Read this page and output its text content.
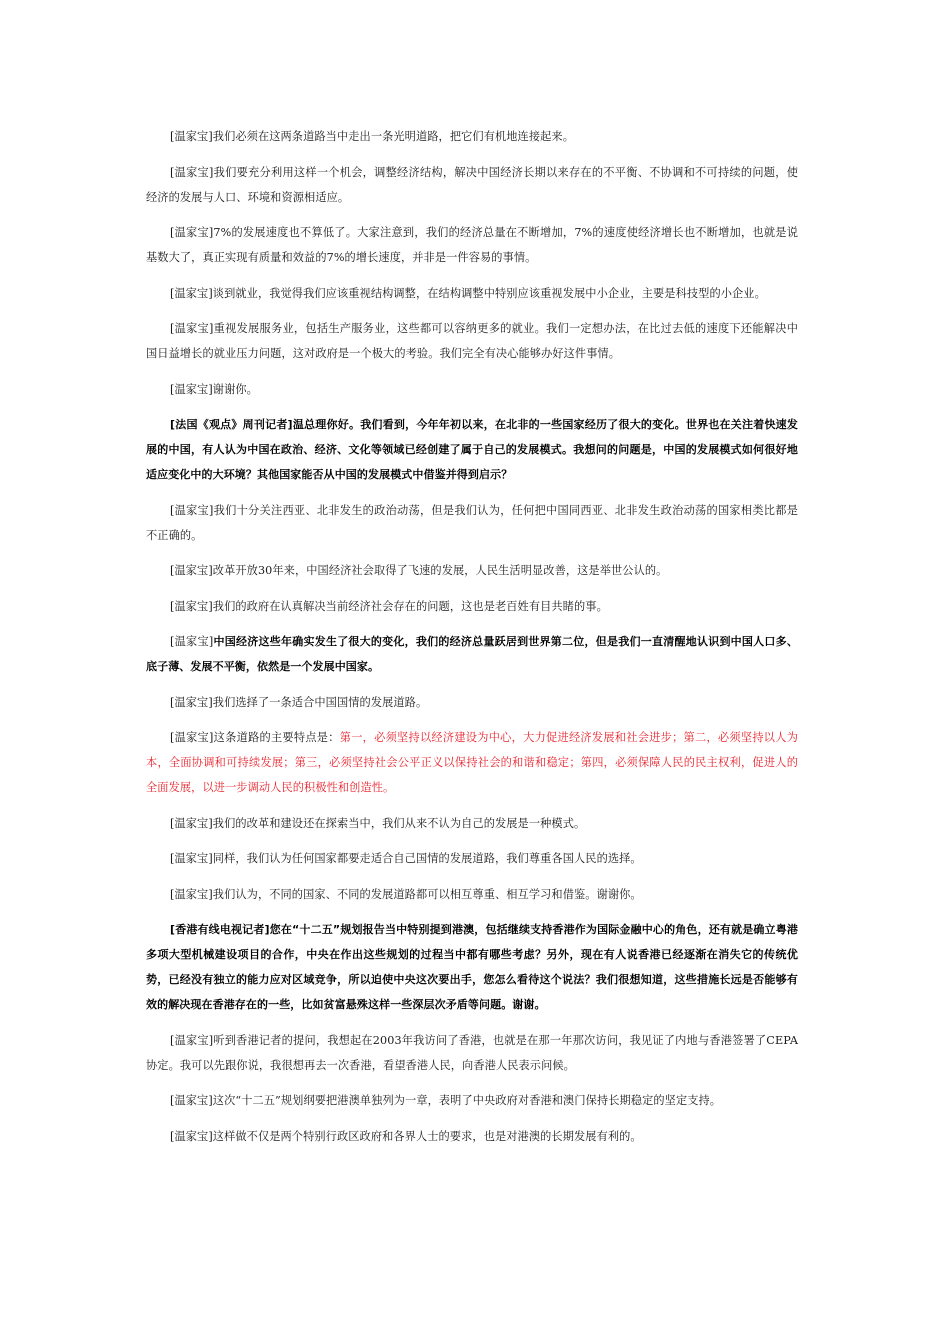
[温家宝]我们必须在这两条道路当中走出一条光明道路，把它们有机地连接起来。

[温家宝]我们要充分利用这样一个机会，调整经济结构，解决中国经济长期以来存在的不平衡、不协调和不可持续的问题，使经济的发展与人口、环境和资源相适应。

[温家宝]7%的发展速度也不算低了。大家注意到，我们的经济总量在不断增加，7%的速度使经济增长也不断增加，也就是说基数大了，真正实现有质量和效益的7%的增长速度，并非是一件容易的事情。

[温家宝]谈到就业，我觉得我们应该重视结构调整，在结构调整中特别应该重视发展中小企业，主要是科技型的小企业。

[温家宝]重视发展服务业，包括生产服务业，这些都可以容纳更多的就业。我们一定想办法，在比过去低的速度下还能解决中国日益增长的就业压力问题，这对政府是一个极大的考验。我们完全有决心能够办好这件事情。

[温家宝]谢谢你。

[法国《观点》周刊记者]温总理你好。我们看到，今年年初以来，在北非的一些国家经历了很大的变化。世界也在关注着快速发展的中国，有人认为中国在政治、经济、文化等领域已经创建了属于自己的发展模式。我想问的问题是，中国的发展模式如何很好地适应变化中的大环境？其他国家能否从中国的发展模式中借鉴并得到启示？

[温家宝]我们十分关注西亚、北非发生的政治动荡，但是我们认为，任何把中国同西亚、北非发生政治动荡的国家相类比都是不正确的。

[温家宝]改革开放30年来，中国经济社会取得了飞速的发展，人民生活明显改善，这是举世公认的。

[温家宝]我们的政府在认真解决当前经济社会存在的问题，这也是老百姓有目共睹的事。

[温家宝]中国经济这些年确实发生了很大的变化，我们的经济总量跃居到世界第二位，但是我们一直清醒地认识到中国人口多、底子薄、发展不平衡，依然是一个发展中国家。

[温家宝]我们选择了一条适合中国国情的发展道路。

[温家宝]这条道路的主要特点是：第一，必须坚持以经济建设为中心，大力促进经济发展和社会进步；第二，必须坚持以人为本，全面协调和可持续发展；第三，必须坚持社会公平正义以保持社会的和谐和稳定；第四，必须保障人民的民主权利，促进人的全面发展，以进一步调动人民的积极性和创造性。

[温家宝]我们的改革和建设还在探索当中，我们从来不认为自己的发展是一种模式。

[温家宝]同样，我们认为任何国家都要走适合自己国情的发展道路，我们尊重各国人民的选择。

[温家宝]我们认为，不同的国家、不同的发展道路都可以相互尊重、相互学习和借鉴。谢谢你。

[香港有线电视记者]您在“十二五”规划报告当中特别提到港澳，包括继续支持香港作为国际金融中心的角色，还有就是确立粤港多项大型机械建设项目的合作，中央在作出这些规划的过程当中都有哪些考虑？另外，现在有人说香港已经逐渐在消失它的传统优势，已经没有独立的能力应对区域竞争，所以迫使中央这次要出手，您怎么看待这个说法？我们很想知道，这些措施长远是否能够有效的解决现在香港存在的一些，比如贫富悬殊这样一些深层次矛盾等问题。谢谢。

[温家宝]听到香港记者的提问，我想起在2003年我访问了香港，也就是在那一年那次访问，我见证了内地与香港签署了CEPA协定。我可以先跟你说，我很想再去一次香港，看望香港人民，向香港人民表示问候。

[温家宝]这次“十二五”规划纲要把港澳单独列为一章，表明了中央政府对香港和澳门保持长期稳定的坚定支持。

[温家宝]这样做不仅是两个特别行政区政府和各界人士的要求，也是对港澳的长期发展有利的。
